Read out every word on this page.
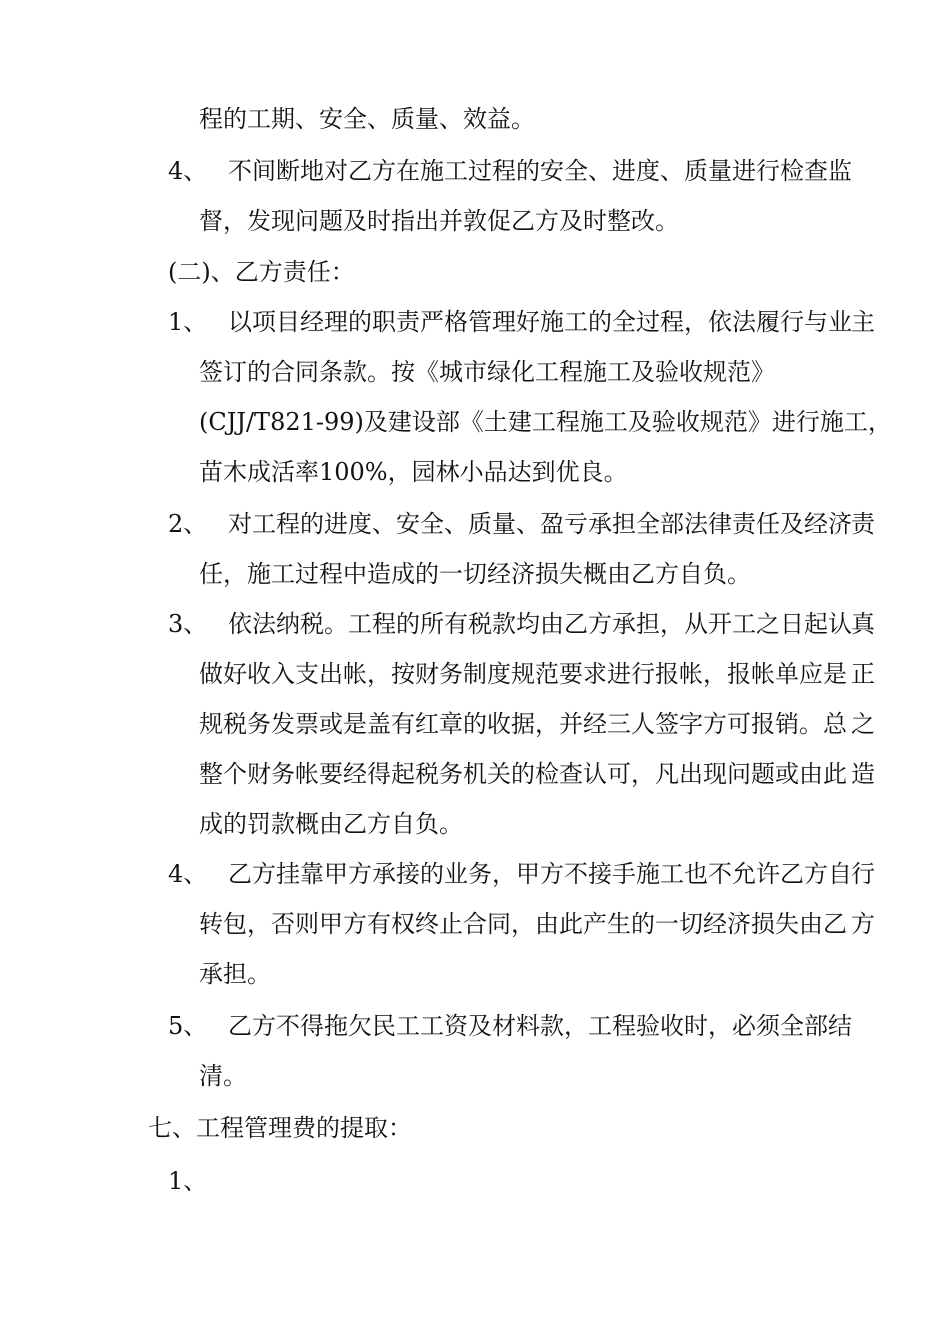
程的工期、安全、质量、效益。
4、 不间断地对乙方在施工过程的安全、进度、质量进行检查监
督，发现问题及时指出并敦促乙方及时整改。
(二)、乙方责任：
1、 以项目经理的职责严格管理好施工的全过程，依法履行与业 主
签订的合同条款。按《城市绿化工程施工及验收规范》
(CJJ/T821-99)及建设部《土建工程施工及验收规范》进行施工，
苗木成活率100%，园林小品达到优良。
2、 对工程的进度、安全、质量、盈亏承担全部法律责任及经济 责
任，施工过程中造成的一切经济损失概由乙方自负。
3、 依法纳税。工程的所有税款均由乙方承担，从开工之日起认 真
做好收入支出帐，按财务制度规范要求进行报帐，报帐单应是 正
规税务发票或是盖有红章的收据，并经三人签字方可报销。总 之
整个财务帐要经得起税务机关的检查认可，凡出现问题或由此 造
成的罚款概由乙方自负。
4、 乙方挂靠甲方承接的业务，甲方不接手施工也不允许乙方自 行
转包，否则甲方有权终止合同，由此产生的一切经济损失由乙 方
承担。
5、 乙方不得拖欠民工工资及材料款，工程验收时，必须全部结
清。
七、工程管理费的提取：
1、
